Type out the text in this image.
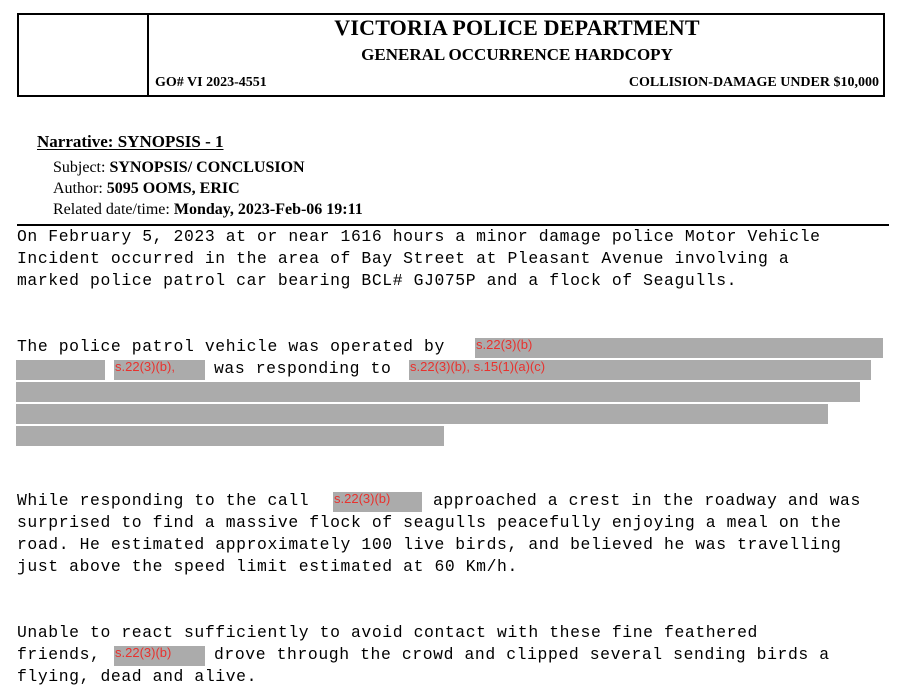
VICTORIA POLICE DEPARTMENT
GENERAL OCCURRENCE HARDCOPY
GO# VI 2023-4551	COLLISION-DAMAGE UNDER $10,000
Narrative: SYNOPSIS - 1
Subject: SYNOPSIS/ CONCLUSION
Author: 5095 OOMS, ERIC
Related date/time: Monday, 2023-Feb-06 19:11
On February 5, 2023 at or near 1616 hours a minor damage police Motor Vehicle
Incident occurred in the area of Bay Street at Pleasant Avenue involving a
marked police patrol car bearing BCL# GJ075P and a flock of Seagulls.
The police patrol vehicle was operated by	s.22(3)(b)
s.22(3)(b),	was responding to s.22(3)(b), s.15(1)(a)(c)
While responding to the call	s.22(3)(b)	approached a crest in the roadway and was
surprised to find a massive flock of seagulls peacefully enjoying a meal on the
road. He estimated approximately 100 live birds, and believed he was travelling
just above the speed limit estimated at 60 Km/h.
Unable to react sufficiently to avoid contact with these fine feathered
friends,	s.22(3)(b)	drove through the crowd and clipped several sending birds a
flying, dead and alive.
